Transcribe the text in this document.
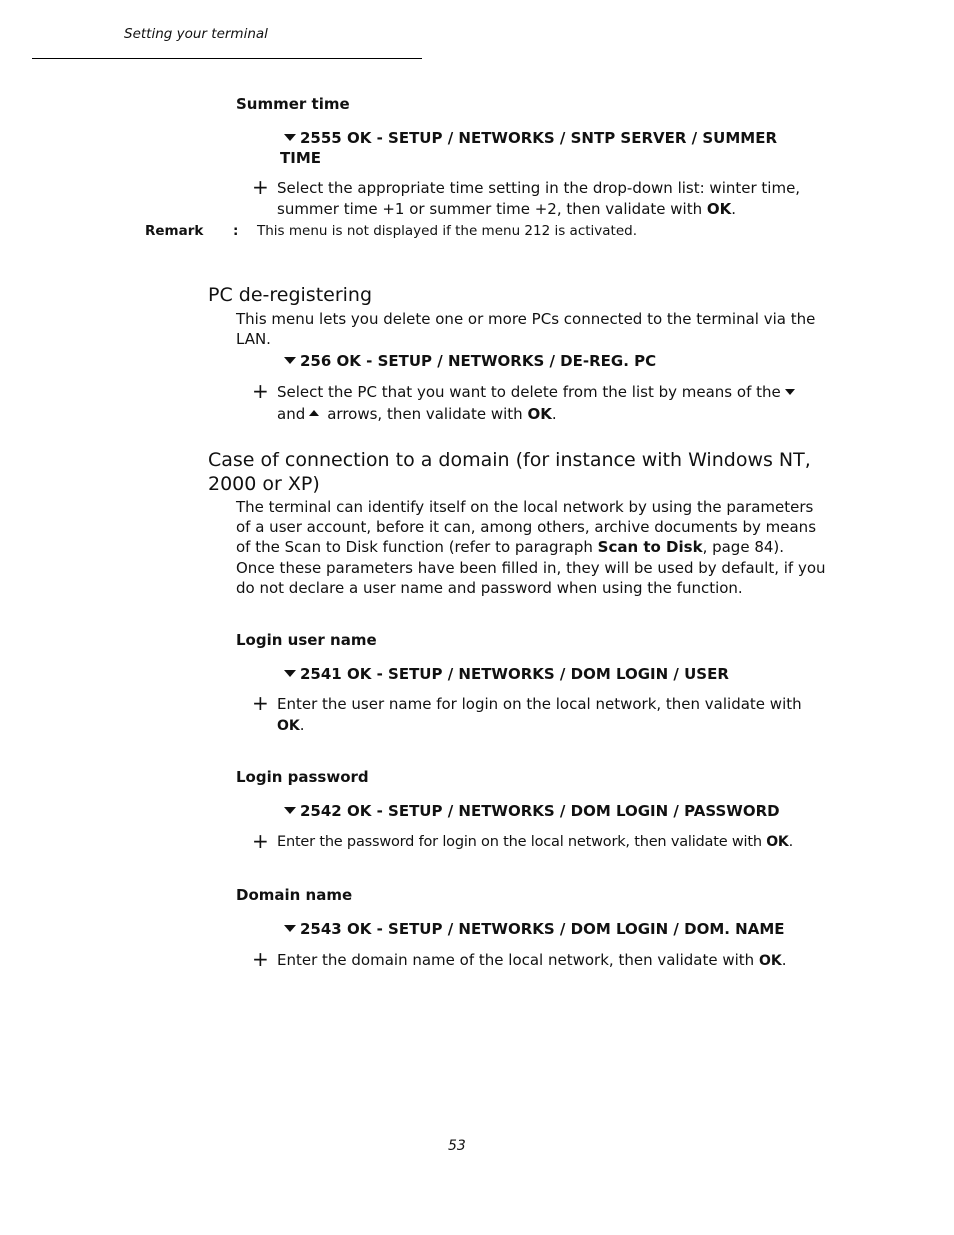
Setting your terminal
Summer time
2555 OK - SETUP / NETWORKS / SNTP SERVER / SUMMER
TIME
+ Select the appropriate time setting in the drop-down list: winter time,
summer time +1 or summer time +2, then validate with OK.
Remark : This menu is not displayed if the menu 212 is activated.
PC de-registering
This menu lets you delete one or more PCs connected to the terminal via the
LAN.
256 OK - SETUP / NETWORKS / DE-REG. PC
+ Select the PC that you want to delete from the list by means of the
and arrows, then validate with OK.
Case of connection to a domain (for instance with Windows NT,
2000 or XP)
The terminal can identify itself on the local network by using the parameters
of a user account, before it can, among others, archive documents by means
of the Scan to Disk function (refer to paragraph Scan to Disk, page 84).
Once these parameters have been filled in, they will be used by default, if you
do not declare a user name and password when using the function.
Login user name
2541 OK - SETUP / NETWORKS / DOM LOGIN / USER
+ Enter the user name for login on the local network, then validate with
OK.
Login password
2542 OK - SETUP / NETWORKS / DOM LOGIN / PASSWORD
+ Enter the password for login on the local network, then validate with OK.
Domain name
2543 OK - SETUP / NETWORKS / DOM LOGIN / DOM. NAME
+ Enter the domain name of the local network, then validate with OK.
53
